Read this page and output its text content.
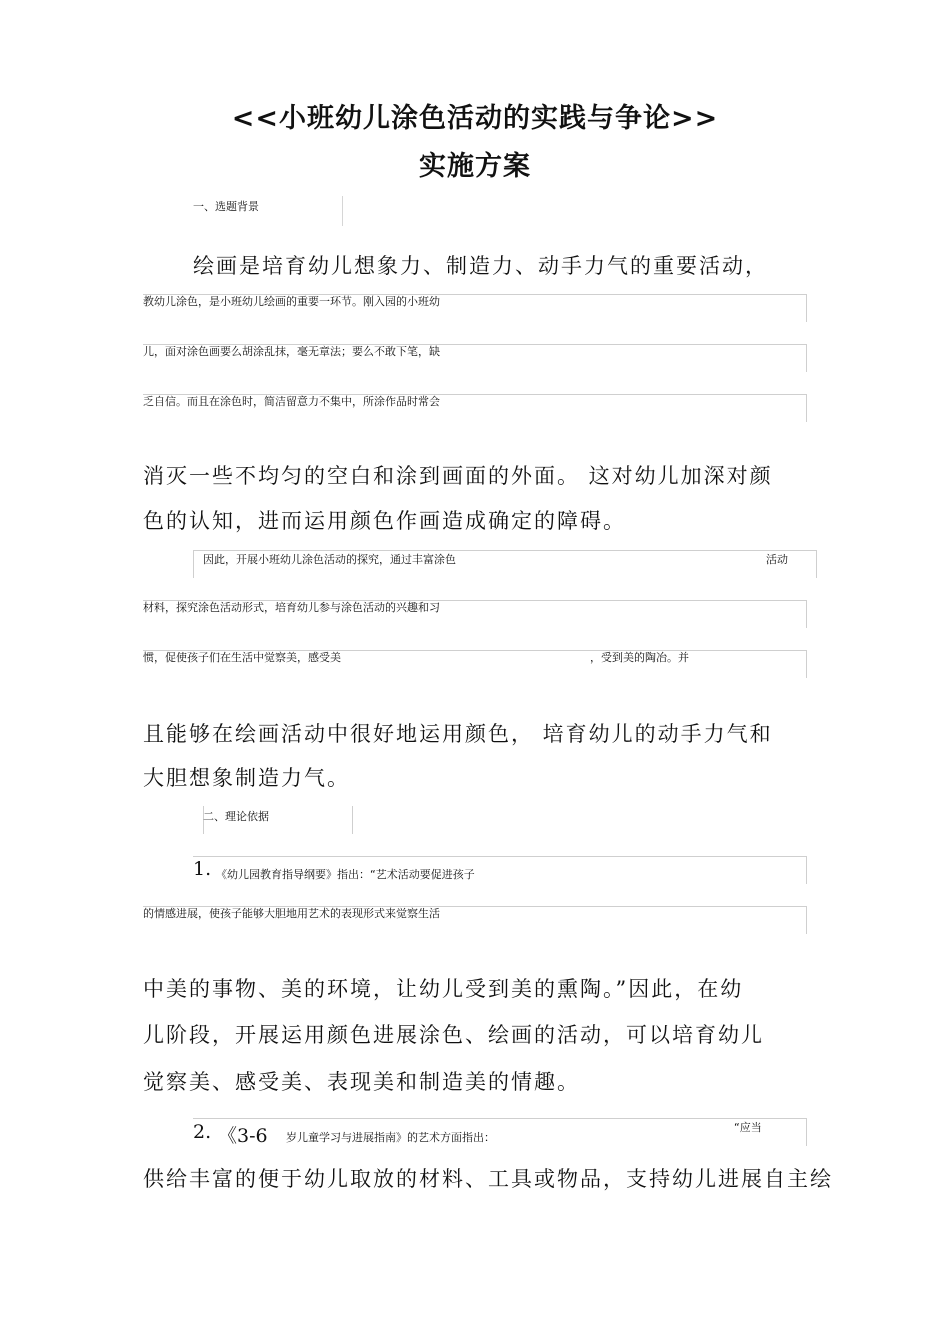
<<小班幼儿涂色活动的实践与争论>>
实施方案
一、选题背景
绘画是培育幼儿想象力、制造力、动手力气的重要活动，
教幼儿涂色，是小班幼儿绘画的重要一环节。刚入园的小班幼
儿，面对涂色画要么胡涂乱抹，毫无章法；要么不敢下笔，缺
乏自信。而且在涂色时，简洁留意力不集中，所涂作品时常会
消灭一些不均匀的空白和涂到画面的外面。 这对幼儿加深对颜
色的认知，进而运用颜色作画造成确定的障碍。
因此，开展小班幼儿涂色活动的探究，通过丰富涂色	活动
材料，探究涂色活动形式，培育幼儿参与涂色活动的兴趣和习
惯，促使孩子们在生活中觉察美，感受美	，受到美的陶冶。并
且能够在绘画活动中很好地运用颜色， 培育幼儿的动手力气和
大胆想象制造力气。
二、理论依据
1. 《幼儿园教育指导纲要》指出：“艺术活动要促进孩子
的情感进展，使孩子能够大胆地用艺术的表现形式来觉察生活
中美的事物、美的环境，让幼儿受到美的熏陶。”因此，在幼
儿阶段，开展运用颜色进展涂色、绘画的活动，可以培育幼儿
觉察美、感受美、表现美和制造美的情趣。
2. 《3-6 岁儿童学习与进展指南》的艺术方面指出：
“应当
供给丰富的便于幼儿取放的材料、工具或物品，支持幼儿进展自主绘
